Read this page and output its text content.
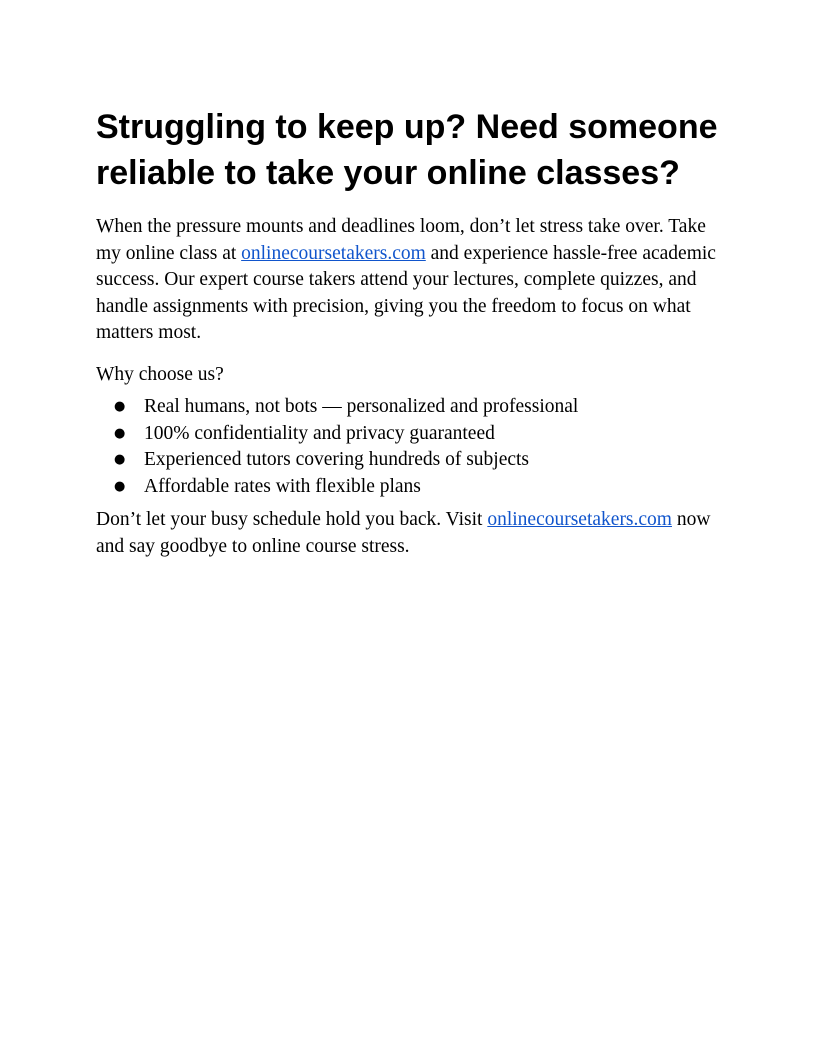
Struggling to keep up? Need someone reliable to take your online classes?

When the pressure mounts and deadlines loom, don’t let stress take over. Take my online class at onlinecoursetakers.com and experience hassle-free academic success. Our expert course takers attend your lectures, complete quizzes, and handle assignments with precision, giving you the freedom to focus on what matters most.

Why choose us?

● Real humans, not bots — personalized and professional
● 100% confidentiality and privacy guaranteed
● Experienced tutors covering hundreds of subjects
● Affordable rates with flexible plans

Don’t let your busy schedule hold you back. Visit onlinecoursetakers.com now and say goodbye to online course stress.
